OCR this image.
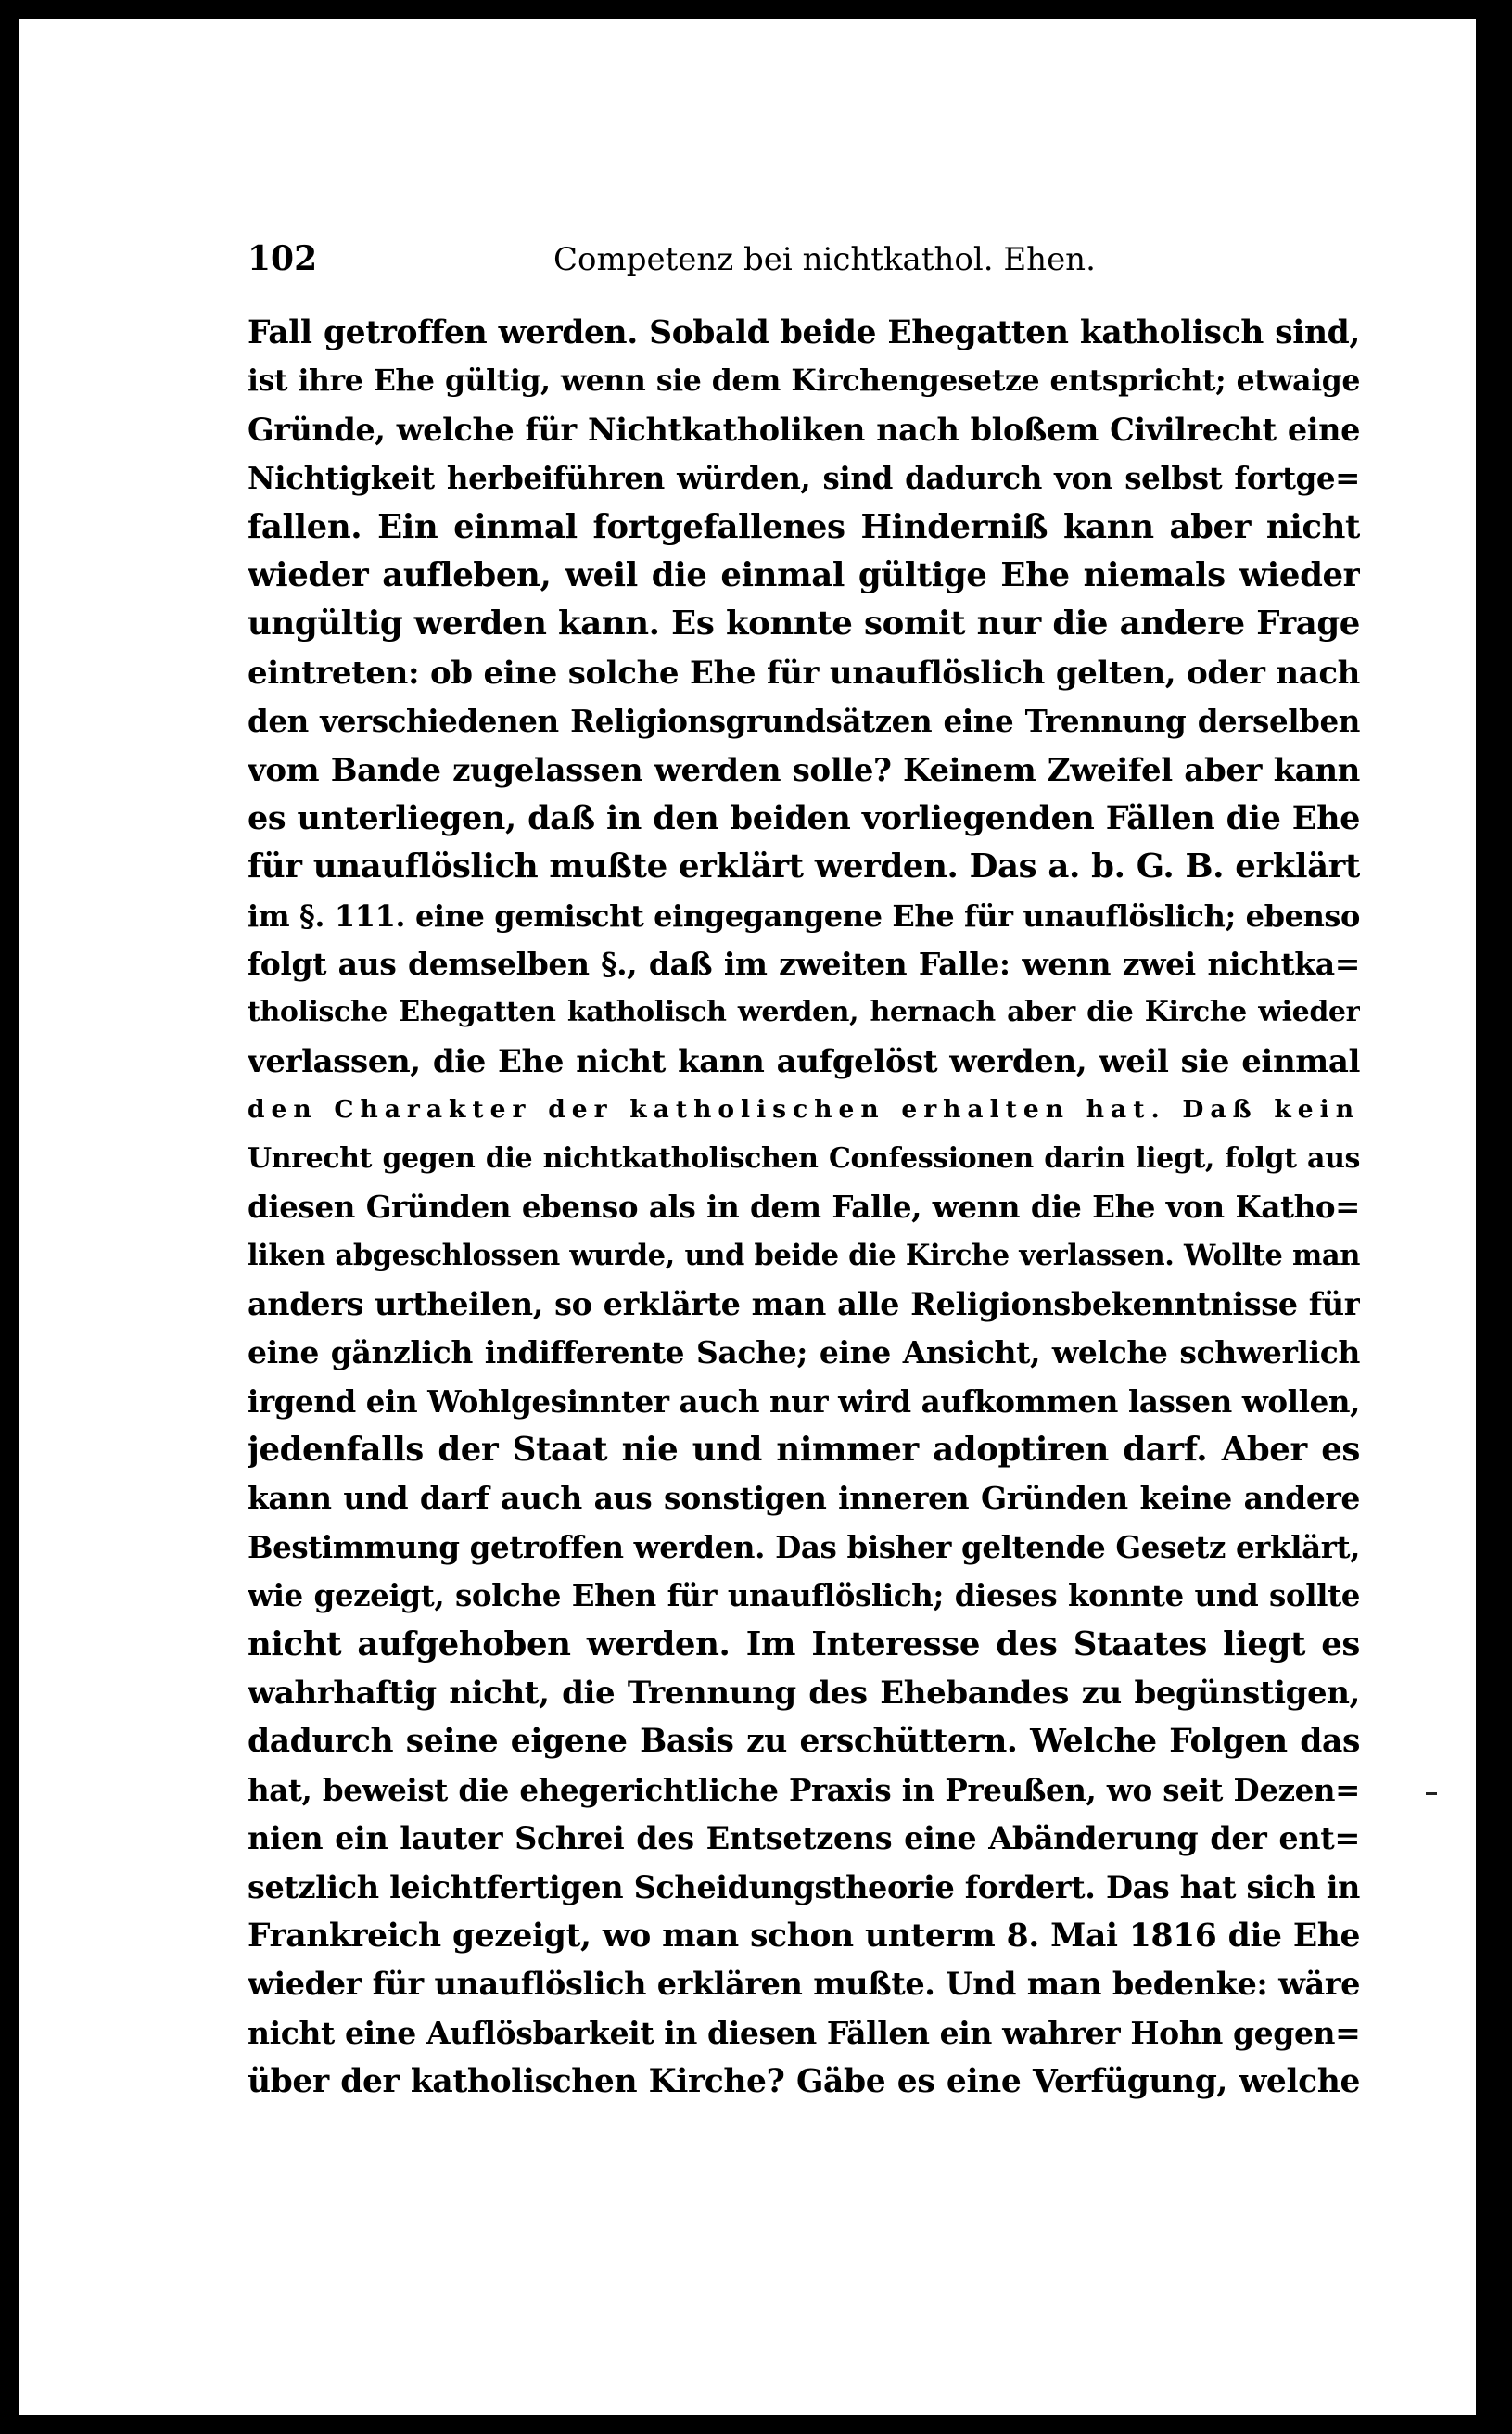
102	Competenz bei nichtkathol. Ehen.
Fall getroffen werden. Sobald beide Ehegatten katholisch sind,
ist ihre Ehe gültig, wenn sie dem Kirchengesetze entspricht; etwaige
Gründe, welche für Nichtkatholiken nach bloßem Civilrecht eine
Nichtigkeit herbeiführen würden, sind dadurch von selbst fortge=
fallen. Ein einmal fortgefallenes Hinderniß kann aber nicht
wieder aufleben, weil die einmal gültige Ehe niemals wieder
ungültig werden kann. Es konnte somit nur die andere Frage
eintreten: ob eine solche Ehe für unauflöslich gelten, oder nach
den verschiedenen Religionsgrundsätzen eine Trennung derselben
vom Bande zugelassen werden solle? Keinem Zweifel aber kann
es unterliegen, daß in den beiden vorliegenden Fällen die Ehe
für unauflöslich mußte erklärt werden. Das a. b. G. B. erklärt
im §. 111. eine gemischt eingegangene Ehe für unauflöslich; ebenso
folgt aus demselben §., daß im zweiten Falle: wenn zwei nichtka=
tholische Ehegatten katholisch werden, hernach aber die Kirche wieder
verlassen, die Ehe nicht kann aufgelöst werden, weil sie einmal
den Charakter der katholischen erhalten hat. Daß kein
Unrecht gegen die nichtkatholischen Confessionen darin liegt, folgt aus
diesen Gründen ebenso als in dem Falle, wenn die Ehe von Katho=
liken abgeschlossen wurde, und beide die Kirche verlassen. Wollte man
anders urtheilen, so erklärte man alle Religionsbekenntnisse für
eine gänzlich indifferente Sache; eine Ansicht, welche schwerlich
irgend ein Wohlgesinnter auch nur wird aufkommen lassen wollen,
jedenfalls der Staat nie und nimmer adoptiren darf. Aber es
kann und darf auch aus sonstigen inneren Gründen keine andere
Bestimmung getroffen werden. Das bisher geltende Gesetz erklärt,
wie gezeigt, solche Ehen für unauflöslich; dieses konnte und sollte
nicht aufgehoben werden. Im Interesse des Staates liegt es
wahrhaftig nicht, die Trennung des Ehebandes zu begünstigen,
dadurch seine eigene Basis zu erschüttern. Welche Folgen das
hat, beweist die ehegerichtliche Praxis in Preußen, wo seit Dezen=
nien ein lauter Schrei des Entsetzens eine Abänderung der ent=
setzlich leichtfertigen Scheidungstheorie fordert. Das hat sich in
Frankreich gezeigt, wo man schon unterm 8. Mai 1816 die Ehe
wieder für unauflöslich erklären mußte. Und man bedenke: wäre
nicht eine Auflösbarkeit in diesen Fällen ein wahrer Hohn gegen=
über der katholischen Kirche? Gäbe es eine Verfügung, welche
